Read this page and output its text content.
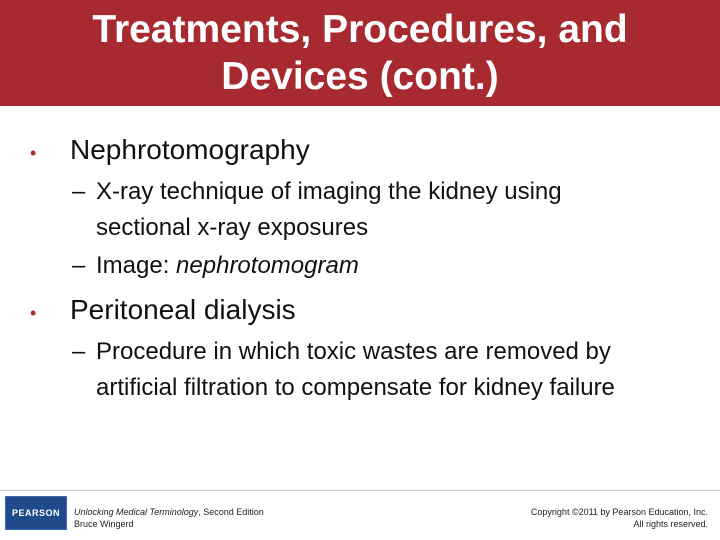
Treatments, Procedures, and
Devices (cont.)
•	Nephrotomography
– X-ray technique of imaging the kidney using
sectional x-ray exposures
– Image: nephrotomogram
•	Peritoneal dialysis
– Procedure in which toxic wastes are removed by
artificial filtration to compensate for kidney failure
PEARSON	Unlocking Medical Terminology, Second Edition
Bruce Wingerd
Copyright ©2011 by Pearson Education, Inc.
All rights reserved.
